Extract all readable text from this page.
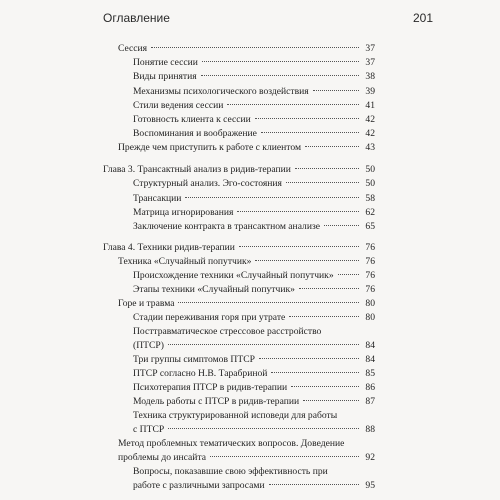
Оглавление	201
Сессия	37
Понятие сессии	37
Виды принятия	38
Механизмы психологического воздействия	39
Стили ведения сессии	41
Готовность клиента к сессии	42
Воспоминания и воображение	42
Прежде чем приступить к работе с клиентом	43
Глава 3. Трансактный анализ в ридив-терапии	50
Структурный анализ. Эго-состояния	50
Трансакции	58
Матрица игнорирования	62
Заключение контракта в трансактном анализе	65
Глава 4. Техники ридив-терапии	76
Техника «Случайный попутчик»	76
Происхождение техники «Случайный попутчик»	76
Этапы техники «Случайный попутчик»	76
Горе и травма	80
Стадии переживания горя при утрате	80
Посттравматическое стрессовое расстройство
(ПТСР)	84
Три группы симптомов ПТСР	84
ПТСР согласно Н.В. Тарабриной	85
Психотерапия ПТСР в ридив-терапии	86
Модель работы с ПТСР в ридив-терапии	87
Техника структурированной исповеди для работы
с ПТСР	88
Метод проблемных тематических вопросов. Доведение
проблемы до инсайта	92
Вопросы, показавшие свою эффективность при
работе с различными запросами	95
